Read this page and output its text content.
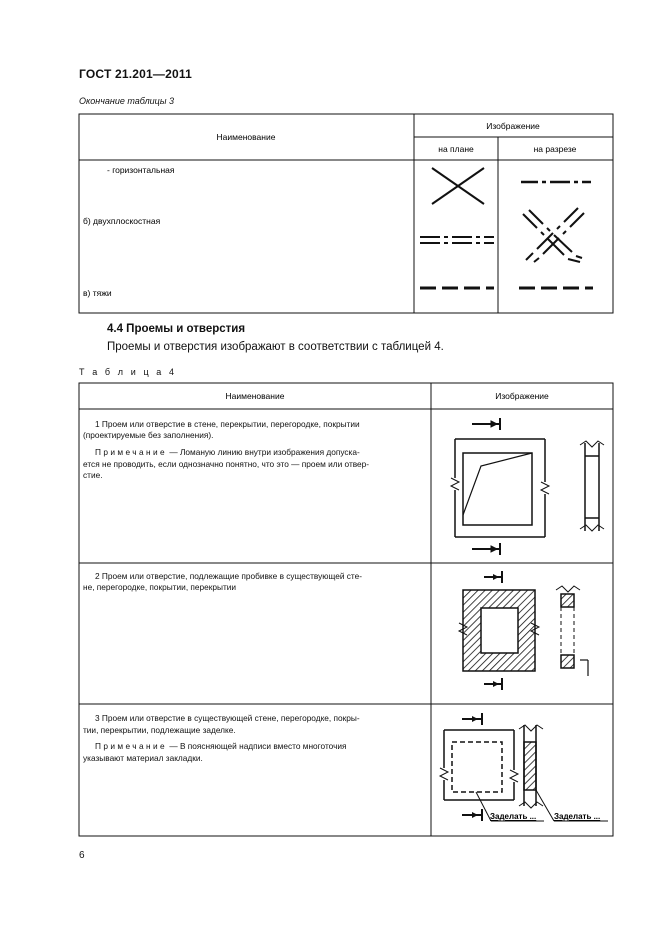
ГОСТ 21.201—2011
Окончание таблицы 3
Наименование
Изображение
на плане	на разрезе
- горизонтальная
б) двухплоскостная
в) тяжи
4.4 Проемы и отверстия
Проемы и отверстия изображают в соответствии с таблицей 4.
Т а б л и ц а 4
Наименование	Изображение
1 Проем или отверстие в стене, перекрытии, перегородке, покрытии
(проектируемые без заполнения).
Примечание — Ломаную линию внутри изображения допуска-
ется не проводить, если однозначно понятно, что это — проем или отвер-
стие.
2 Проем или отверстие, подлежащие пробивке в существующей сте-
не, перегородке, покрытии, перекрытии
3 Проем или отверстие в существующей стене, перегородке, покры-
тии, перекрытии, подлежащие заделке.
Примечание — В поясняющей надписи вместо многоточия
указывают материал закладки.
Заделать ... Заделать ...
6
